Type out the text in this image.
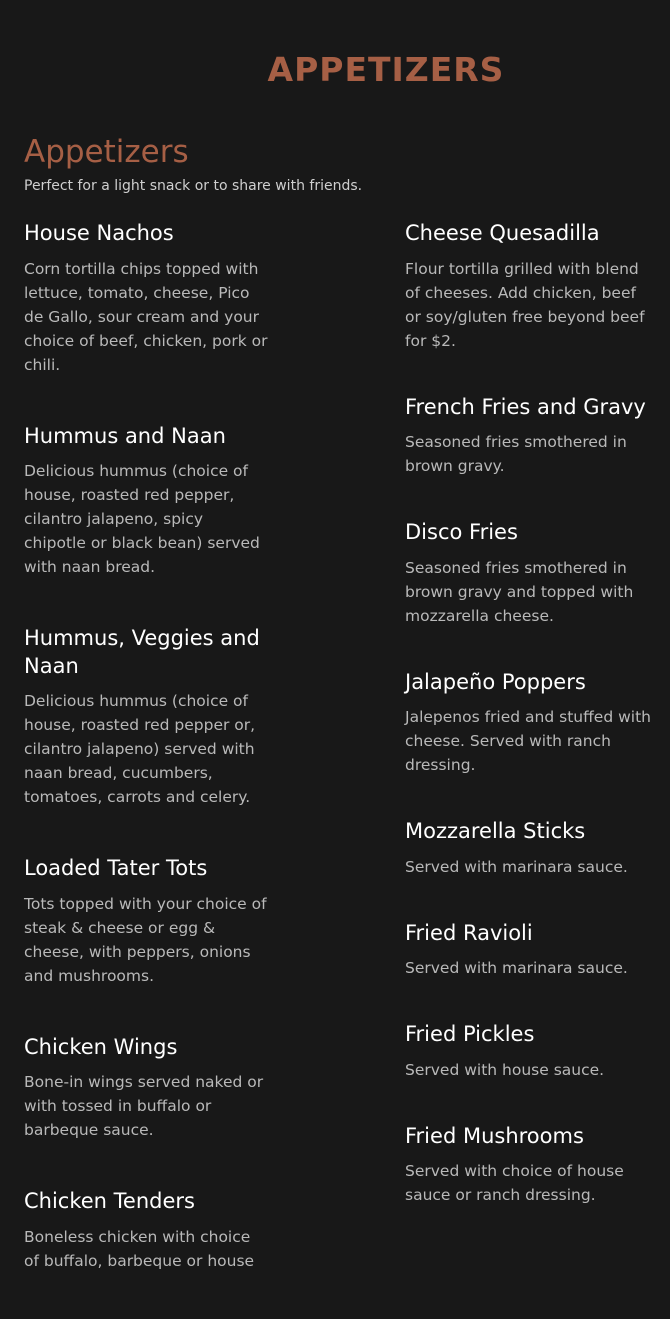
APPETIZERS
Appetizers

Perfect for a light snack or to share with friends.

House Nachos

Corn tortilla chips topped with lettuce, tomato, cheese, Pico de Gallo, sour cream and your choice of beef, chicken, pork or chili.

Hummus and Naan

Delicious hummus (choice of house, roasted red pepper, cilantro jalapeno, spicy chipotle or black bean) served with naan bread.

Hummus, Veggies and Naan

Delicious hummus (choice of house, roasted red pepper or, cilantro jalapeno) served with naan bread, cucumbers, tomatoes, carrots and celery.

Loaded Tater Tots

Tots topped with your choice of steak & cheese or egg & cheese, with peppers, onions and mushrooms.

Chicken Wings

Bone-in wings served naked or with tossed in buffalo or barbeque sauce.

Chicken Tenders

Boneless chicken with choice of buffalo, barbeque or house

Cheese Quesadilla

Flour tortilla grilled with blend of cheeses. Add chicken, beef or soy/gluten free beyond beef for $2.

French Fries and Gravy

Seasoned fries smothered in brown gravy.

Disco Fries

Seasoned fries smothered in brown gravy and topped with mozzarella cheese.

Jalapeño Poppers

Jalepenos fried and stuffed with cheese. Served with ranch dressing.

Mozzarella Sticks

Served with marinara sauce.

Fried Ravioli

Served with marinara sauce.

Fried Pickles

Served with house sauce.

Fried Mushrooms

Served with choice of house sauce or ranch dressing.
